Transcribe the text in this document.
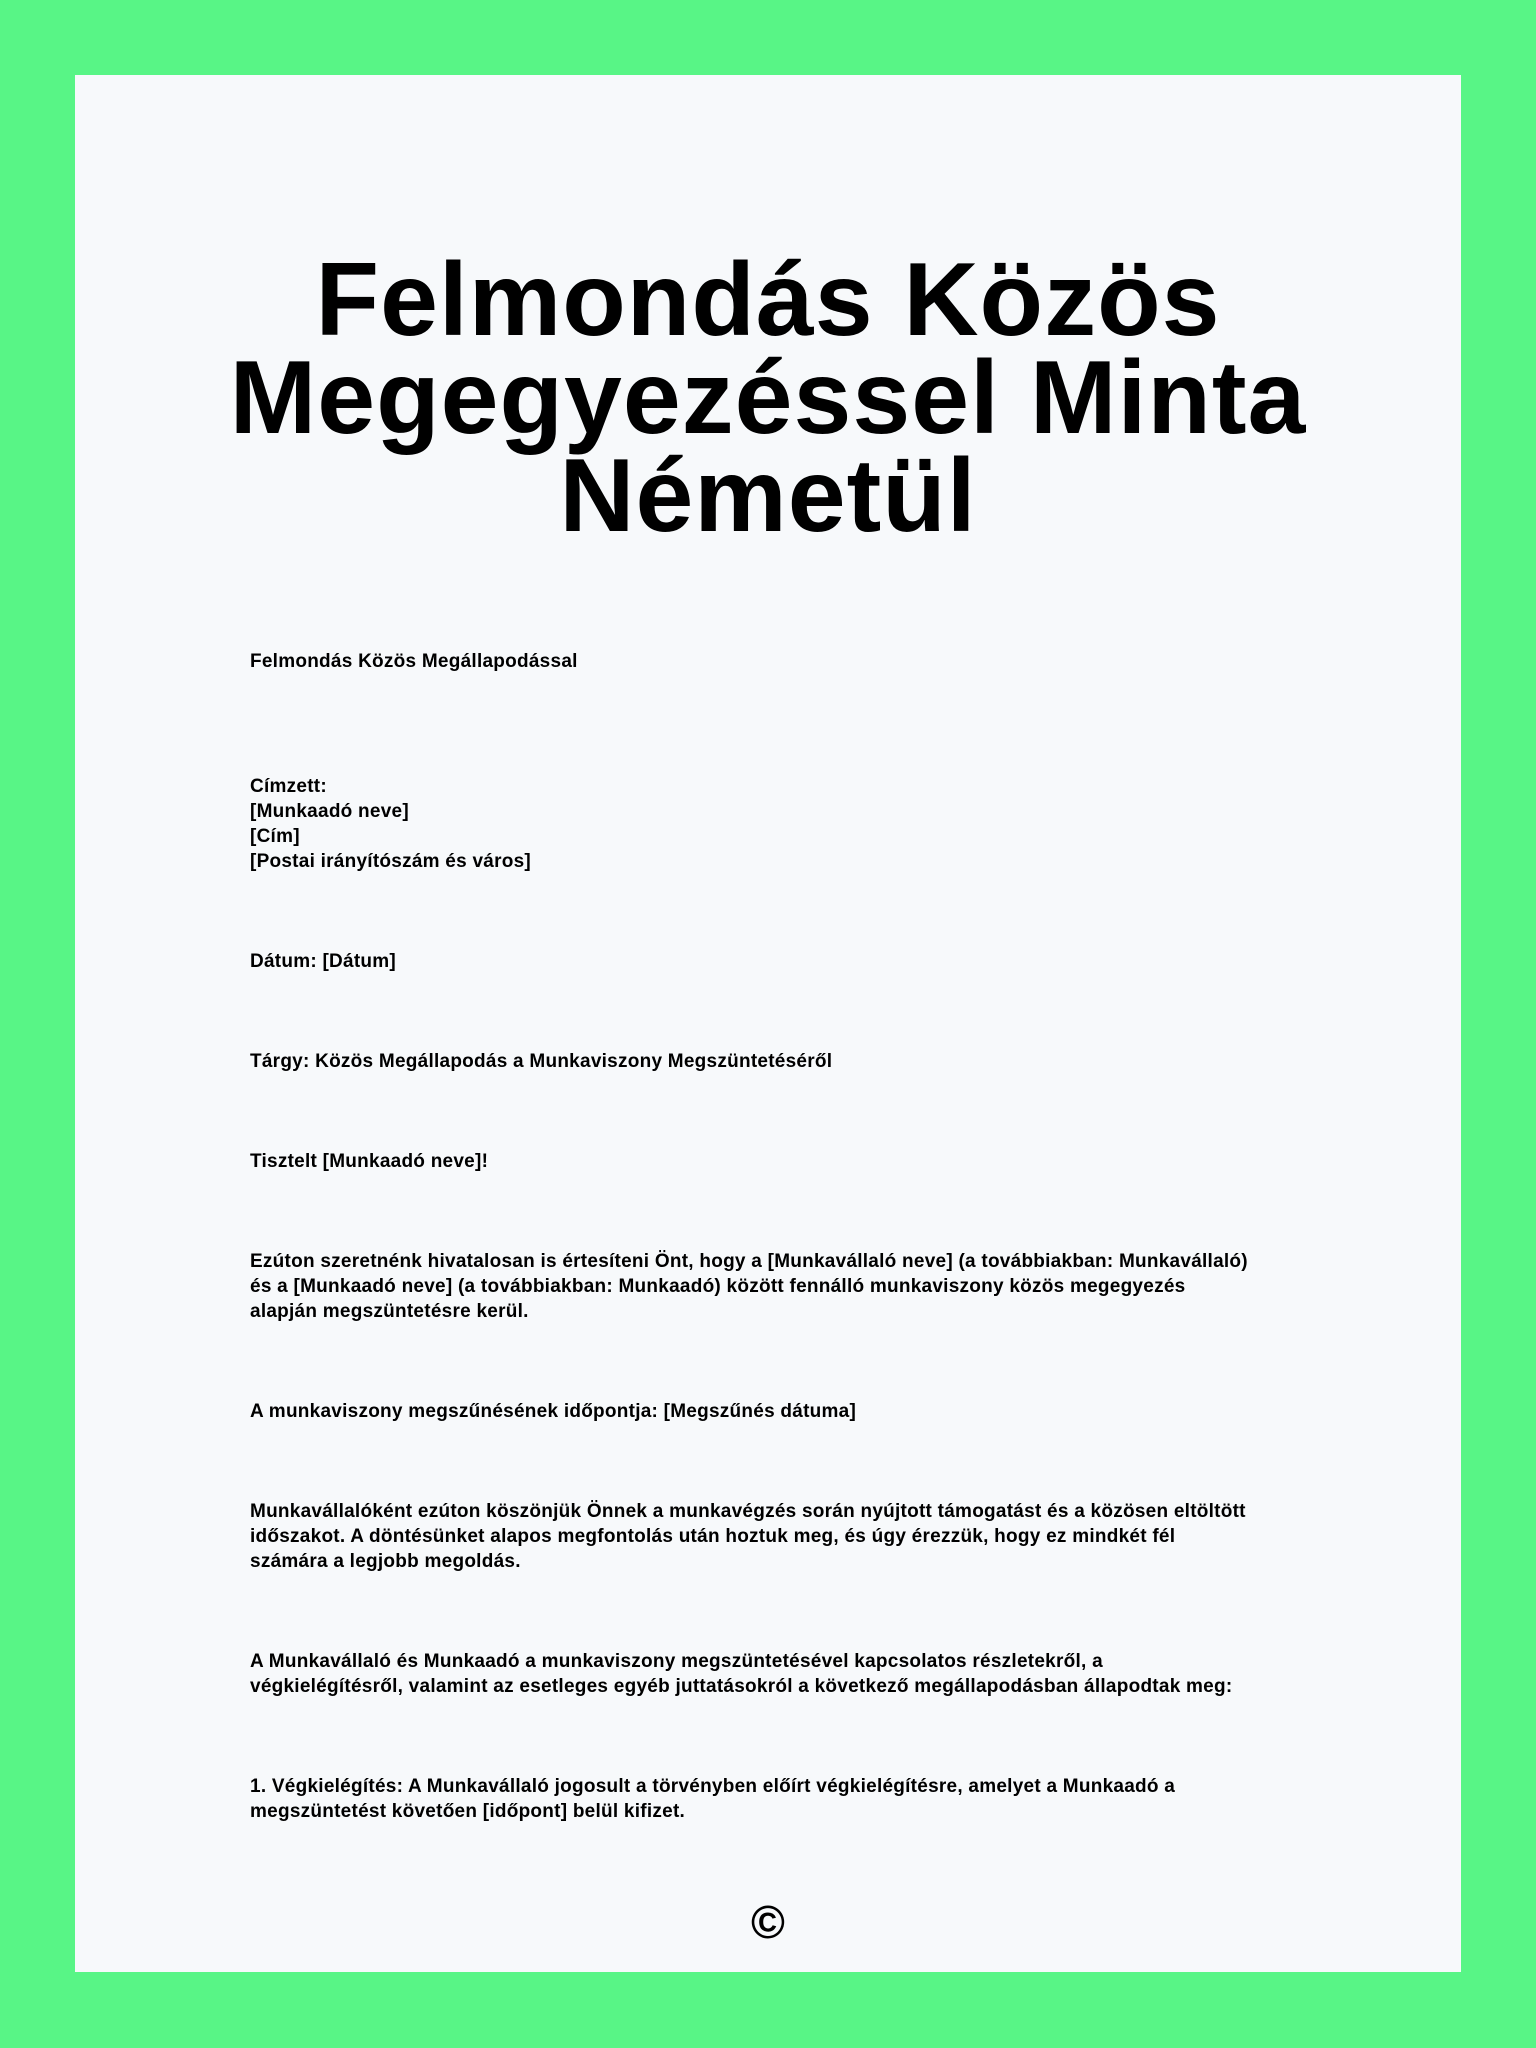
Felmondás Közös
Megegyezéssel Minta
Németül

Felmondás Közös Megállapodással

Címzett:
[Munkaadó neve]
[Cím]
[Postai irányítószám és város]

Dátum: [Dátum]

Tárgy: Közös Megállapodás a Munkaviszony Megszüntetéséről

Tisztelt [Munkaadó neve]!

Ezúton szeretnénk hivatalosan is értesíteni Önt, hogy a [Munkavállaló neve] (a továbbiakban: Munkavállaló)
és a [Munkaadó neve] (a továbbiakban: Munkaadó) között fennálló munkaviszony közös megegyezés
alapján megszüntetésre kerül.

A munkaviszony megszűnésének időpontja: [Megszűnés dátuma]

Munkavállalóként ezúton köszönjük Önnek a munkavégzés során nyújtott támogatást és a közösen eltöltött
időszakot. A döntésünket alapos megfontolás után hoztuk meg, és úgy érezzük, hogy ez mindkét fél
számára a legjobb megoldás.

A Munkavállaló és Munkaadó a munkaviszony megszüntetésével kapcsolatos részletekről, a
végkielégítésről, valamint az esetleges egyéb juttatásokról a következő megállapodásban állapodtak meg:

1. Végkielégítés: A Munkavállaló jogosult a törvényben előírt végkielégítésre, amelyet a Munkaadó a
megszüntetést követően [időpont] belül kifizet.

©
